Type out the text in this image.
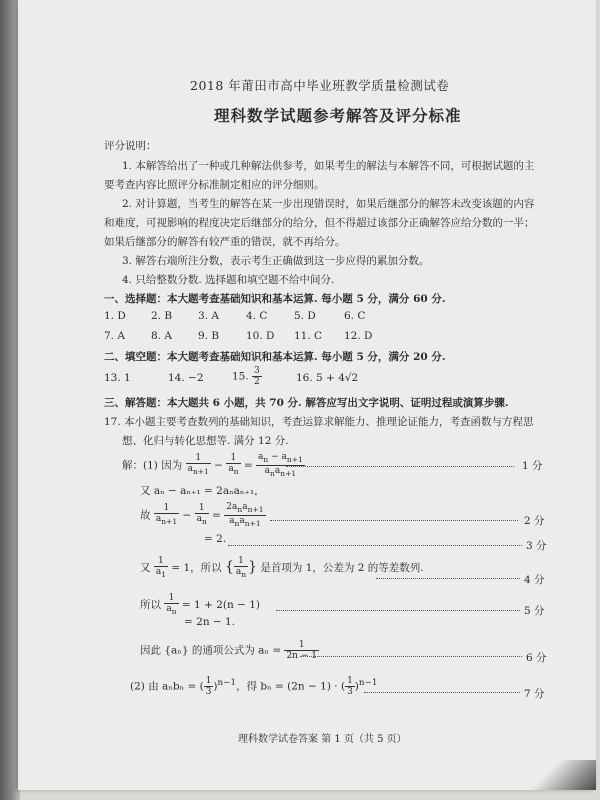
2018 年莆田市高中毕业班教学质量检测试卷
理科数学试题参考解答及评分标准
评分说明：
1. 本解答给出了一种或几种解法供参考，如果考生的解法与本解答不同，可根据试题的主
要考查内容比照评分标准制定相应的评分细则。
2. 对计算题，当考生的解答在某一步出现错误时，如果后继部分的解答未改变该题的内容
和难度，可视影响的程度决定后继部分的给分，但不得超过该部分正确解答应给分数的一半；
如果后继部分的解答有较严重的错误，就不再给分。
3. 解答右端所注分数，表示考生正确做到这一步应得的累加分数。
4. 只给整数分数. 选择题和填空题不给中间分.
一、选择题：本大题考查基础知识和基本运算. 每小题 5 分，满分 60 分.
1. D 2. B 3. A	4. C	5. D	6. C
7. A 8. A 9. B	10. D 11. C 12. D
二、填空题：本大题考查基础知识和基本运算. 每小题 5 分，满分 20 分.
13. 1	14. −2	15. $\frac{3}{2}$	16. 5 + 4√2
三、解答题：本大题共 6 小题，共 70 分. 解答应写出文字说明、证明过程或演算步骤.
17. 本小题主要考查数列的基础知识，考查运算求解能力、推理论证能力，考查函数与方程思
想、化归与转化思想等. 满分 12 分.
解：(1) 因为 $\frac{1}{a_{n+1}} - \frac{1}{a_n} = \frac{a_n - a_{n+1}}{a_na_{n+1}}$	1 分
又 aₙ − aₙ₊₁ = 2aₙaₙ₊₁，
故 $\frac{1}{a_{n+1}} - \frac{1}{a_n} = \frac{2a_na_{n+1}}{a_na_{n+1}}$	2 分
= 2.
3 分
又 $\frac{1}{a_1} = 1$，所以 { $\frac{1}{a_n}$ } 是首项为 1，公差为 2 的等差数列.
4 分
所以 $\frac{1}{a_n} = 1 + 2(n - 1)$
5 分
= 2n − 1.
因此 {aₙ} 的通项公式为 $a_n = \frac{1}{2n - 1}$	6 分
(2) 由 aₙbₙ = ( $\frac{1}{3} )^{n-1}$，得 bₙ = (2n − 1) · ( $\frac{1}{3} )^{n-1}$
7 分
理科数学试卷答案 第 1 页（共 5 页）
